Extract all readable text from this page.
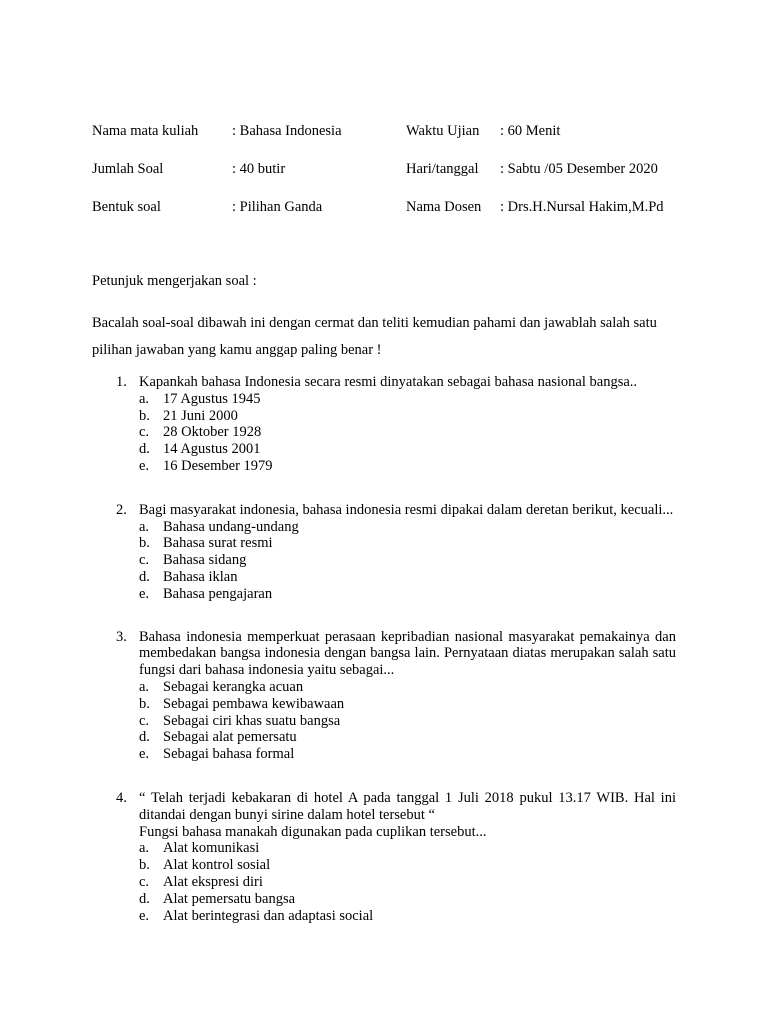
Nama mata kuliah : Bahasa Indonesia	Waktu Ujian : 60 Menit
Jumlah Soal	: 40 butir	Hari/tanggal : Sabtu /05 Desember 2020
Bentuk soal	: Pilihan Ganda	Nama Dosen : Drs.H.Nursal Hakim,M.Pd
Petunjuk mengerjakan soal :
Bacalah soal-soal dibawah ini dengan cermat dan teliti kemudian pahami dan jawablah salah satu pilihan jawaban yang kamu anggap paling benar !
1. Kapankah bahasa Indonesia secara resmi dinyatakan sebagai bahasa nasional bangsa..
a. 17 Agustus 1945
b. 21 Juni 2000
c. 28 Oktober 1928
d. 14 Agustus 2001
e. 16 Desember 1979
2. Bagi masyarakat indonesia, bahasa indonesia resmi dipakai dalam deretan berikut, kecuali...
a. Bahasa undang-undang
b. Bahasa surat resmi
c. Bahasa sidang
d. Bahasa iklan
e. Bahasa pengajaran
3. Bahasa indonesia memperkuat perasaan kepribadian nasional masyarakat pemakainya dan membedakan bangsa indonesia dengan bangsa lain. Pernyataan diatas merupakan salah satu fungsi dari bahasa indonesia yaitu sebagai...
a. Sebagai kerangka acuan
b. Sebagai pembawa kewibawaan
c. Sebagai ciri khas suatu bangsa
d. Sebagai alat pemersatu
e. Sebagai bahasa formal
4. “ Telah terjadi kebakaran di hotel A pada tanggal 1 Juli 2018 pukul 13.17 WIB. Hal ini ditandai dengan bunyi sirine dalam hotel tersebut “
Fungsi bahasa manakah digunakan pada cuplikan tersebut...
a. Alat komunikasi
b. Alat kontrol sosial
c. Alat ekspresi diri
d. Alat pemersatu bangsa
e. Alat berintegrasi dan adaptasi social
